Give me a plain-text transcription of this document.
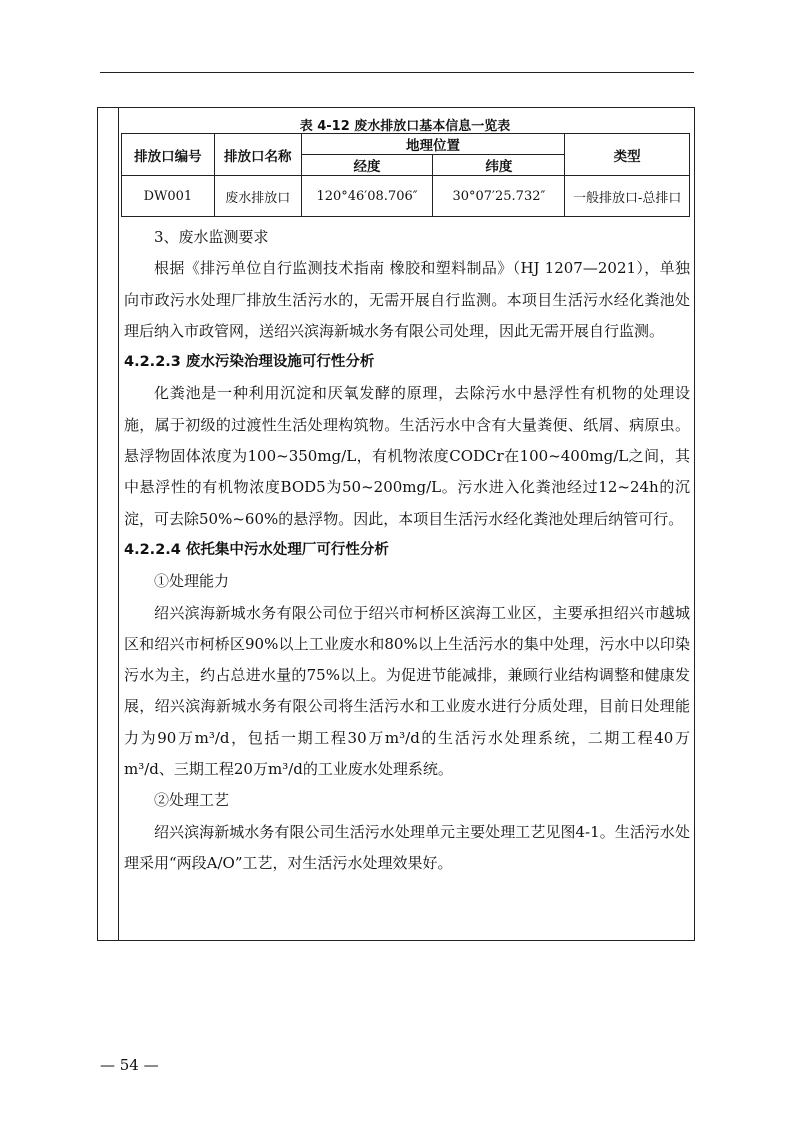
表 4-12 废水排放口基本信息一览表
排放口编号	排放口名称	地理位置		类型
		经度	纬度	
DW001	废水排放口	120°46′08.706″	30°07′25.732″	一般排放口-总排口

3、废水监测要求

根据《排污单位自行监测技术指南 橡胶和塑料制品》（HJ 1207—2021），单独向市政污水处理厂排放生活污水的，无需开展自行监测。本项目生活污水经化粪池处理后纳入市政管网，送绍兴滨海新城水务有限公司处理，因此无需开展自行监测。

4.2.2.3 废水污染治理设施可行性分析

化粪池是一种利用沉淀和厌氧发酵的原理，去除污水中悬浮性有机物的处理设施，属于初级的过渡性生活处理构筑物。生活污水中含有大量粪便、纸屑、病原虫。悬浮物固体浓度为100~350mg/L，有机物浓度CODCr在100~400mg/L之间，其中悬浮性的有机物浓度BOD5为50~200mg/L。污水进入化粪池经过12~24h的沉淀，可去除50%~60%的悬浮物。因此，本项目生活污水经化粪池处理后纳管可行。

4.2.2.4 依托集中污水处理厂可行性分析

①处理能力

绍兴滨海新城水务有限公司位于绍兴市柯桥区滨海工业区，主要承担绍兴市越城区和绍兴市柯桥区90%以上工业废水和80%以上生活污水的集中处理，污水中以印染污水为主，约占总进水量的75%以上。为促进节能减排，兼顾行业结构调整和健康发展，绍兴滨海新城水务有限公司将生活污水和工业废水进行分质处理，目前日处理能力为90万m³/d，包括一期工程30万m³/d的生活污水处理系统，二期工程40万m³/d、三期工程20万m³/d的工业废水处理系统。

②处理工艺

绍兴滨海新城水务有限公司生活污水处理单元主要处理工艺见图4-1。生活污水处理采用“两段A/O”工艺，对生活污水处理效果好。

— 54 —
